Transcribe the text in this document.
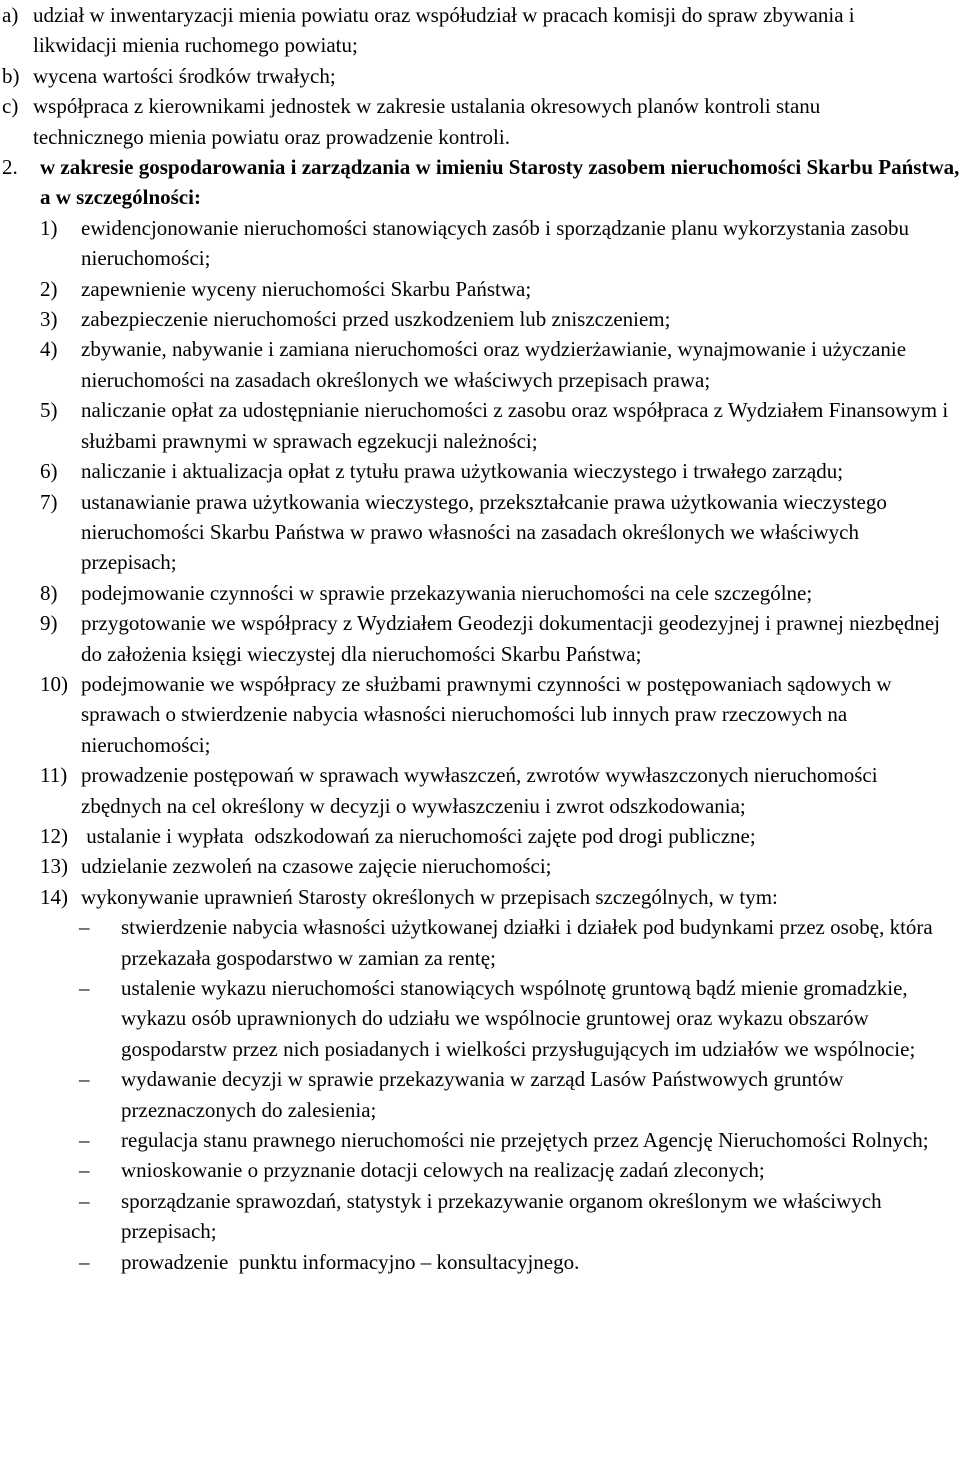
a) udział w inwentaryzacji mienia powiatu oraz współudział w pracach komisji do spraw zbywania i likwidacji mienia ruchomego powiatu;
b) wycena wartości środków trwałych;
c) współpraca z kierownikami jednostek w zakresie ustalania okresowych planów kontroli stanu technicznego mienia powiatu oraz prowadzenie kontroli.
2.	w zakresie gospodarowania i zarządzania w imieniu Starosty zasobem nieruchomości Skarbu Państwa, a w szczególności:
1)	ewidencjonowanie nieruchomości stanowiących zasób i sporządzanie planu wykorzystania zasobu nieruchomości;
2)	zapewnienie wyceny nieruchomości Skarbu Państwa;
3)	zabezpieczenie nieruchomości przed uszkodzeniem lub zniszczeniem;
4)	zbywanie, nabywanie i zamiana nieruchomości oraz wydzierżawianie, wynajmowanie i użyczanie nieruchomości na zasadach określonych we właściwych przepisach prawa;
5)	naliczanie opłat za udostępnianie nieruchomości z zasobu oraz współpraca z Wydziałem Finansowym i służbami prawnymi w sprawach egzekucji należności;
6)	naliczanie i aktualizacja opłat z tytułu prawa użytkowania wieczystego i trwałego zarządu;
7)	ustanawianie prawa użytkowania wieczystego, przekształcanie prawa użytkowania wieczystego nieruchomości Skarbu Państwa w prawo własności na zasadach określonych we właściwych przepisach;
8)	podejmowanie czynności w sprawie przekazywania nieruchomości na cele szczególne;
9)	przygotowanie we współpracy z Wydziałem Geodezji dokumentacji geodezyjnej i prawnej niezbędnej do założenia księgi wieczystej dla nieruchomości Skarbu Państwa;
10) podejmowanie we współpracy ze służbami prawnymi czynności w postępowaniach sądowych w sprawach o stwierdzenie nabycia własności nieruchomości lub innych praw rzeczowych na nieruchomości;
11) prowadzenie postępowań w sprawach wywłaszczeń, zwrotów wywłaszczonych nieruchomości zbędnych na cel określony w decyzji o wywłaszczeniu i zwrot odszkodowania;
12) ustalanie i wypłata  odszkodowań za nieruchomości zajęte pod drogi publiczne;
13) udzielanie zezwoleń na czasowe zajęcie nieruchomości;
14) wykonywanie uprawnień Starosty określonych w przepisach szczególnych, w tym:
–	stwierdzenie nabycia własności użytkowanej działki i działek pod budynkami przez osobę, która przekazała gospodarstwo w zamian za rentę;
–	ustalenie wykazu nieruchomości stanowiących wspólnotę gruntową bądź mienie gromadzkie, wykazu osób uprawnionych do udziału we wspólnocie gruntowej oraz wykazu obszarów gospodarstw przez nich posiadanych i wielkości przysługujących im udziałów we wspólnocie;
–	wydawanie decyzji w sprawie przekazywania w zarząd Lasów Państwowych gruntów przeznaczonych do zalesienia;
–	regulacja stanu prawnego nieruchomości nie przejętych przez Agencję Nieruchomości Rolnych;
–	wnioskowanie o przyznanie dotacji celowych na realizację zadań zleconych;
–	sporządzanie sprawozdań, statystyk i przekazywanie organom określonym we właściwych przepisach;
–	prowadzenie  punktu informacyjno – konsultacyjnego.
